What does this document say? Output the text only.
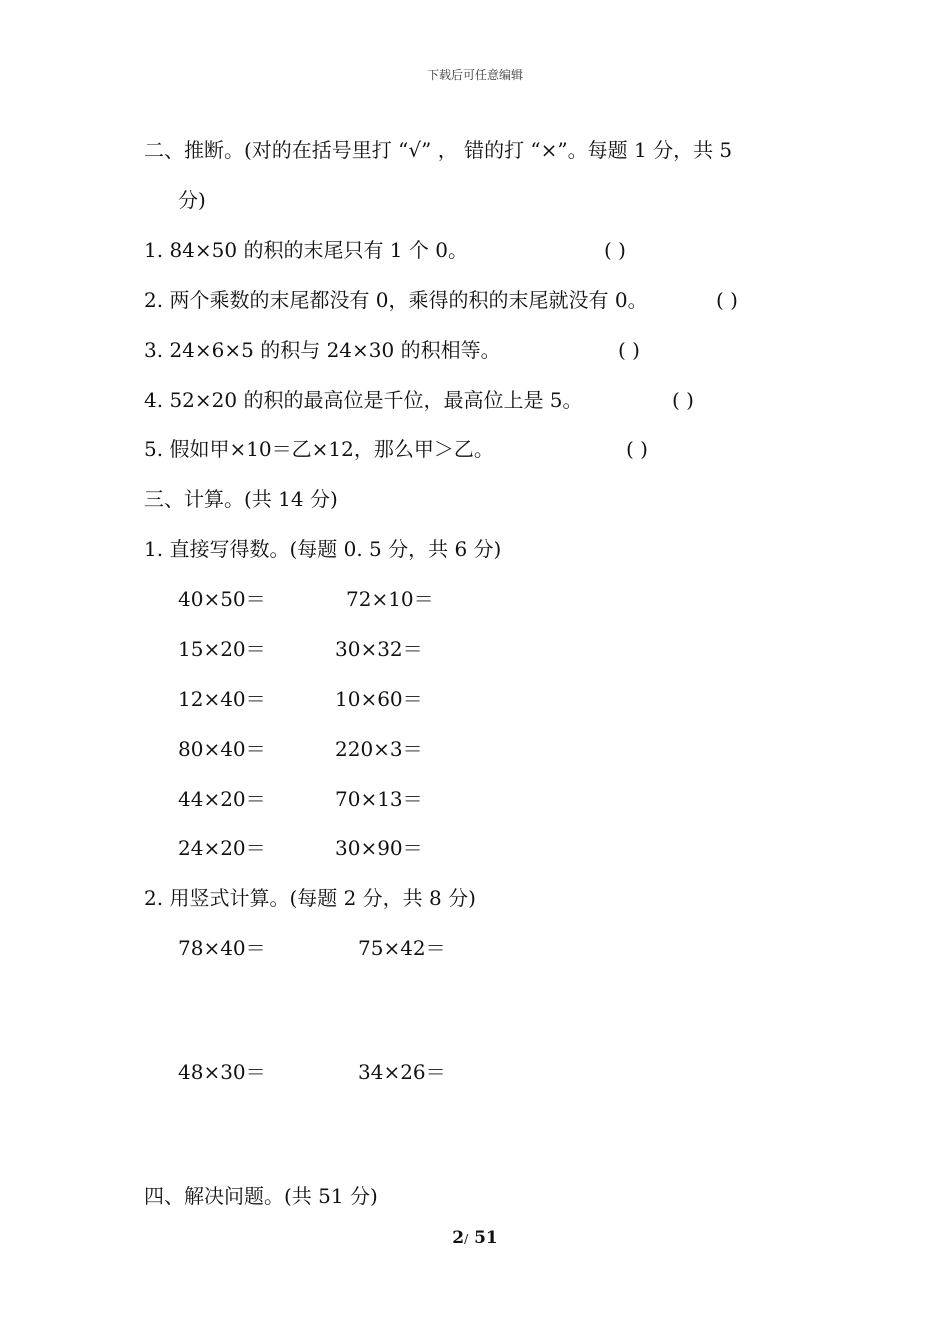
下载后可任意编辑
二、推断。(对的在括号里打 “√” ， 错的打 “×”。每题 1 分，共 5
分)
1. 84×50 的积的末尾只有 1 个 0。	( )
2. 两个乘数的末尾都没有 0，乘得的积的末尾就没有 0。	( )
3. 24×6×5 的积与 24×30 的积相等。	( )
4. 52×20 的积的最高位是千位，最高位上是 5。	( )
5. 假如甲×10＝乙×12，那么甲＞乙。	( )
三、计算。(共 14 分)
1. 直接写得数。(每题 0. 5 分，共 6 分)
40×50＝	72×10＝
15×20＝	30×32＝
12×40＝	10×60＝
80×40＝	220×3＝
44×20＝	70×13＝
24×20＝	30×90＝
2. 用竖式计算。(每题 2 分，共 8 分)
78×40＝	75×42＝
48×30＝	34×26＝
四、解决问题。(共 51 分)
2/ 51
